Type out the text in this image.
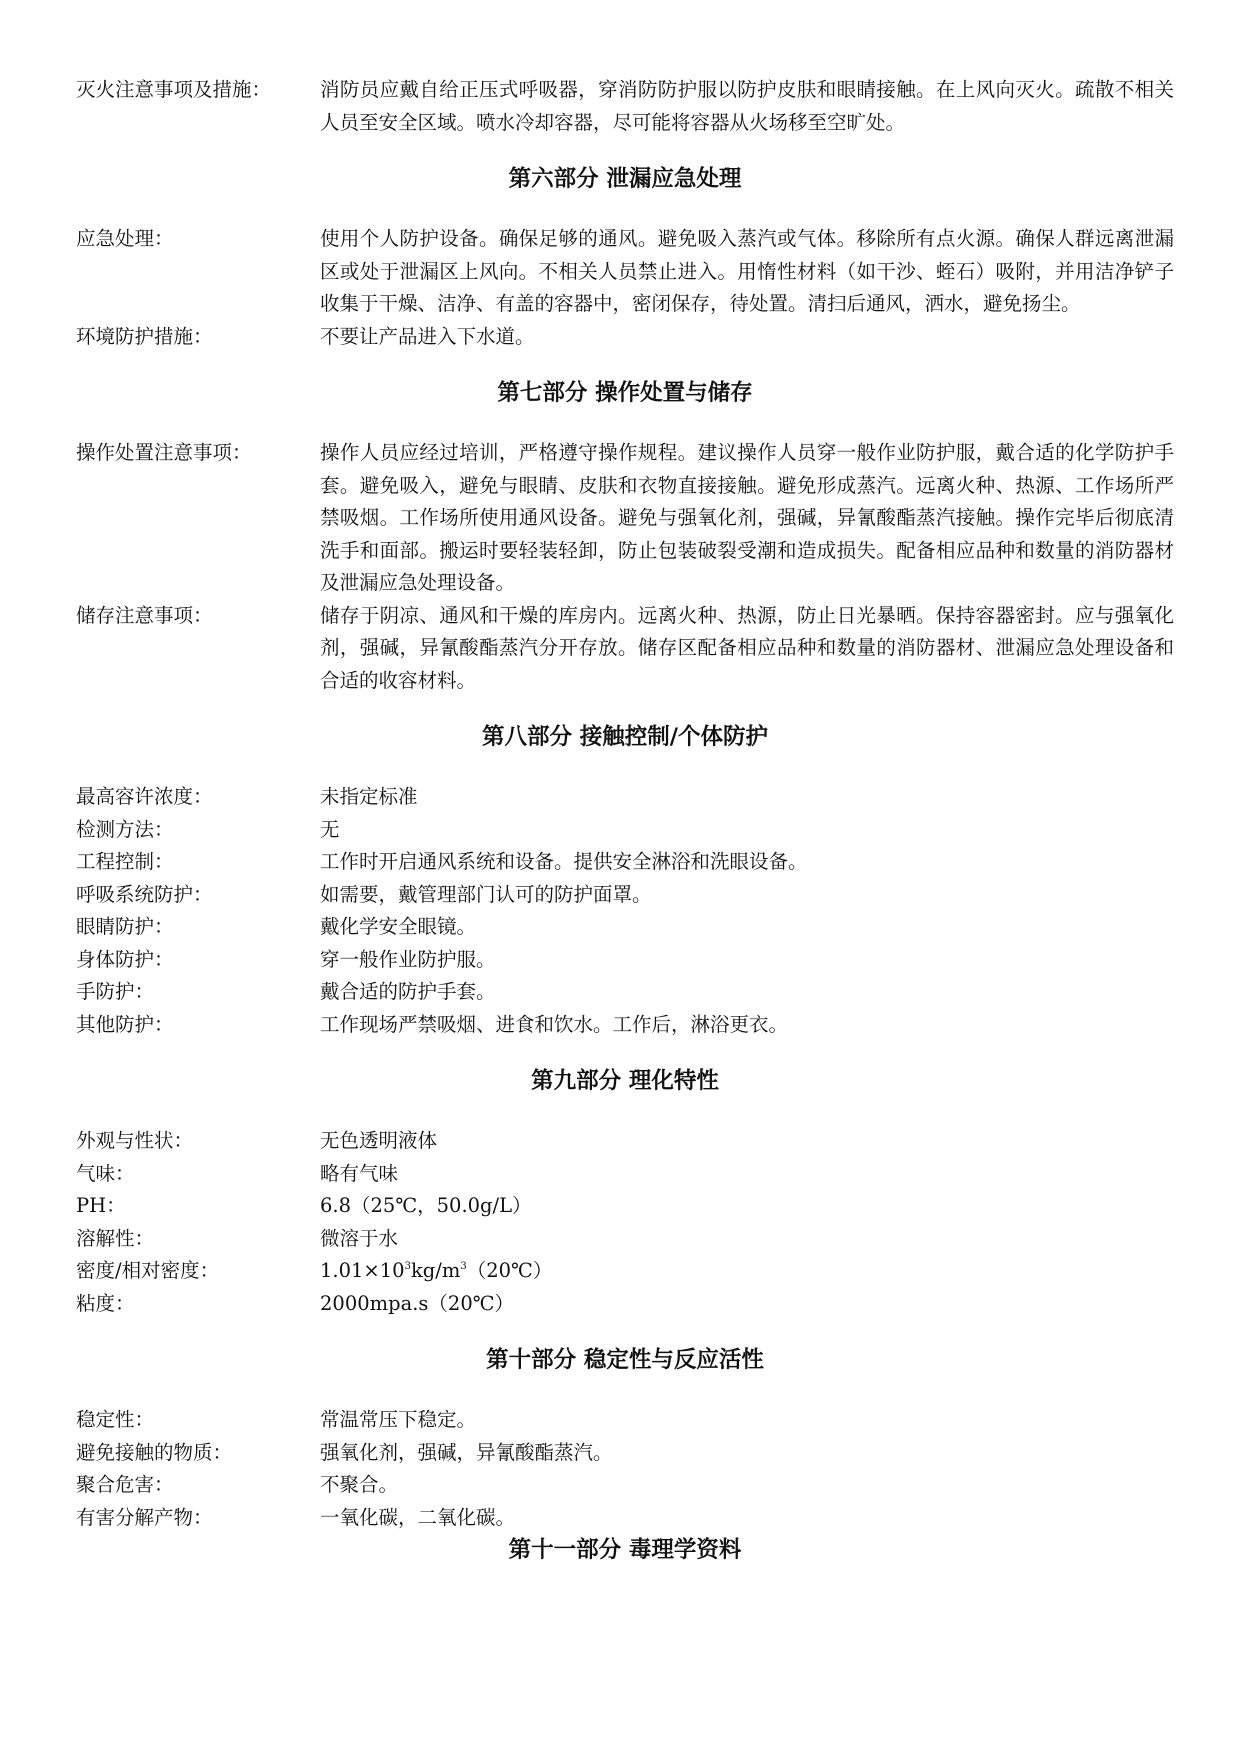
灭火注意事项及措施：	消防员应戴自给正压式呼吸器，穿消防防护服以防护皮肤和眼睛接触。在上风向灭火。疏散不相关人员至安全区域。喷水冷却容器，尽可能将容器从火场移至空旷处。
第六部分 泄漏应急处理
应急处理：	使用个人防护设备。确保足够的通风。避免吸入蒸汽或气体。移除所有点火源。确保人群远离泄漏区或处于泄漏区上风向。不相关人员禁止进入。用惰性材料（如干沙、蛭石）吸附，并用洁净铲子收集于干燥、洁净、有盖的容器中，密闭保存，待处置。清扫后通风，洒水，避免扬尘。
环境防护措施：	不要让产品进入下水道。
第七部分 操作处置与储存
操作处置注意事项：	操作人员应经过培训，严格遵守操作规程。建议操作人员穿一般作业防护服，戴合适的化学防护手套。避免吸入，避免与眼睛、皮肤和衣物直接接触。避免形成蒸汽。远离火种、热源、工作场所严禁吸烟。工作场所使用通风设备。避免与强氧化剂，强碱，异氰酸酯蒸汽接触。操作完毕后彻底清洗手和面部。搬运时要轻装轻卸，防止包装破裂受潮和造成损失。配备相应品种和数量的消防器材及泄漏应急处理设备。
储存注意事项：	储存于阴凉、通风和干燥的库房内。远离火种、热源，防止日光暴晒。保持容器密封。应与强氧化剂，强碱，异氰酸酯蒸汽分开存放。储存区配备相应品种和数量的消防器材、泄漏应急处理设备和合适的收容材料。
第八部分 接触控制/个体防护
最高容许浓度：	未指定标准
检测方法：	无
工程控制：	工作时开启通风系统和设备。提供安全淋浴和洗眼设备。
呼吸系统防护：	如需要，戴管理部门认可的防护面罩。
眼睛防护：	戴化学安全眼镜。
身体防护：	穿一般作业防护服。
手防护：	戴合适的防护手套。
其他防护：	工作现场严禁吸烟、进食和饮水。工作后，淋浴更衣。
第九部分 理化特性
外观与性状：	无色透明液体
气味：	略有气味
PH：	6.8（25℃，50.0g/L）
溶解性：	微溶于水
密度/相对密度：	$1.01\times 10^3kg/m^3(20℃)$
粘度：	2000mpa.s（20℃）
第十部分 稳定性与反应活性
稳定性：	常温常压下稳定。
避免接触的物质：	强氧化剂，强碱，异氰酸酯蒸汽。
聚合危害：	不聚合。
有害分解产物：	一氧化碳，二氧化碳。
第十一部分 毒理学资料
